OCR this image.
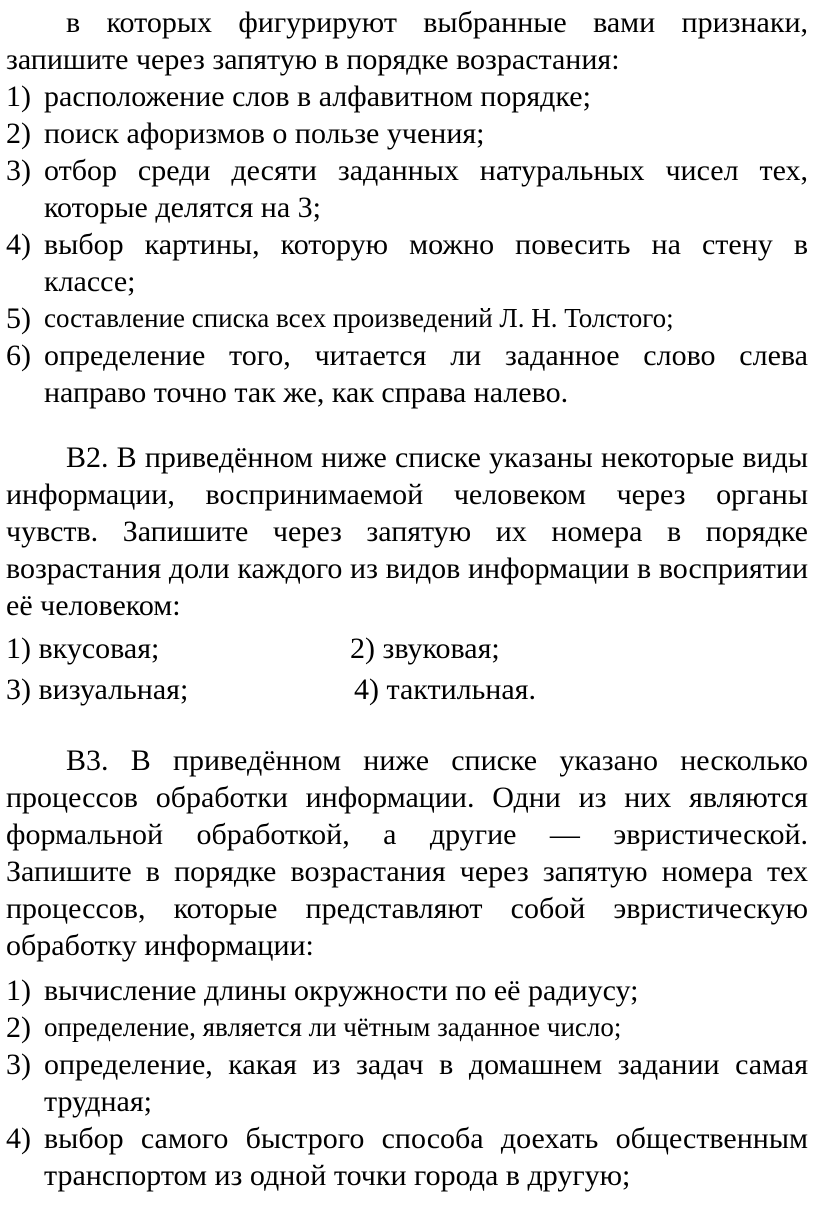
в которых фигурируют выбранные вами признаки, запишите через запятую в порядке возрастания:

1) расположение слов в алфавитном порядке;
2) поиск афоризмов о пользе учения;
3) отбор среди десяти заданных натуральных чисел тех, которые делятся на 3;
4) выбор картины, которую можно повесить на стену в классе;
5) составление списка всех произведений Л. Н. Толстого;
6) определение того, читается ли заданное слово слева направо точно так же, как справа налево.

В2. В приведённом ниже списке указаны некоторые виды информации, воспринимаемой человеком через органы чувств. Запишите через запятую их номера в порядке возрастания доли каждого из видов информации в восприятии её человеком:

1) вкусовая;	2) звуковая;
3) визуальная;	4) тактильная.

В3. В приведённом ниже списке указано несколько процессов обработки информации. Одни из них являются формальной обработкой, а другие — эвристической. Запишите в порядке возрастания через запятую номера тех процессов, которые представляют собой эвристическую обработку информации:

1) вычисление длины окружности по её радиусу;
2) определение, является ли чётным заданное число;
3) определение, какая из задач в домашнем задании самая трудная;
4) выбор самого быстрого способа доехать общественным транспортом из одной точки города в другую;
